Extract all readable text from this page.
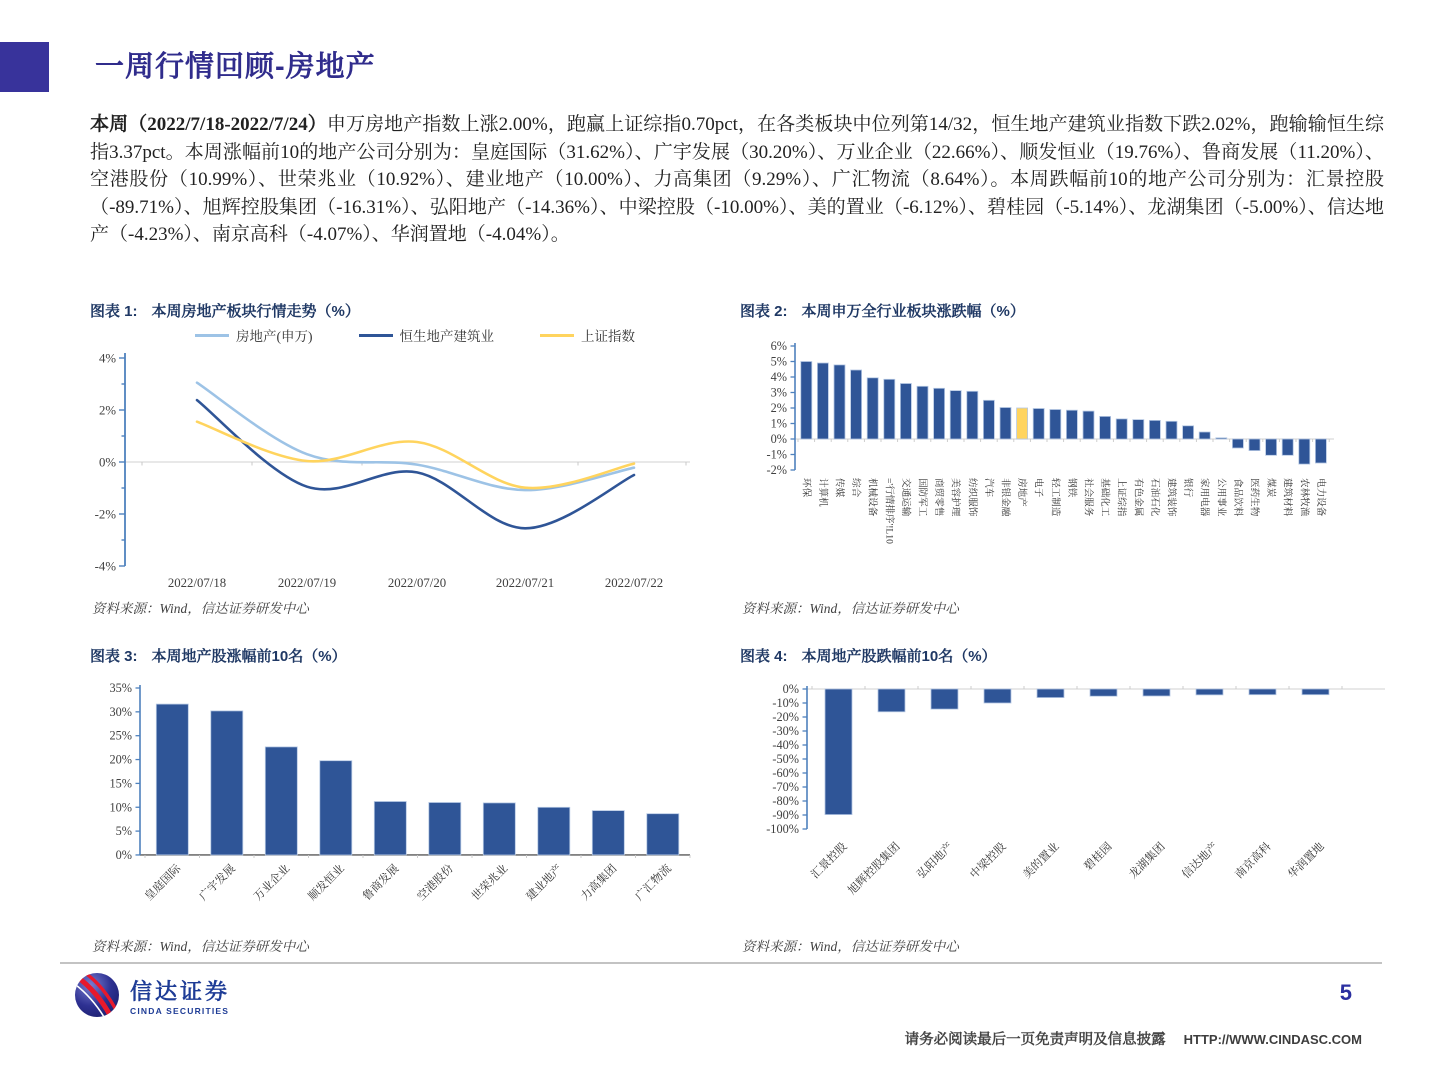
一周行情回顾-房地产

本周（2022/7/18-2022/7/24）申万房地产指数上涨2.00%，跑赢上证综指0.70pct，在各类板块中位列第14/32，恒生地产建筑业指数下跌2.02%，跑输输恒生综指3.37pct。本周涨幅前10的地产公司分别为：皇庭国际（31.62%）、广宇发展（30.20%）、万业企业（22.66%）、顺发恒业（19.76%）、鲁商发展（11.20%）、空港股份（10.99%）、世荣兆业（10.92%）、建业地产（10.00%）、力高集团（9.29%）、广汇物流（8.64%）。本周跌幅前10的地产公司分别为：汇景控股（-89.71%）、旭辉控股集团（-16.31%）、弘阳地产（-14.36%）、中梁控股（-10.00%）、美的置业（-6.12%）、碧桂园（-5.14%）、龙湖集团（-5.00%）、信达地产（-4.23%）、南京高科（-4.07%）、华润置地（-4.04%）。

图表 1: 本周房地产板块行情走势（%）
房地产(申万)	恒生地产建筑业	上证指数
4%
2%
0%
-2%
-4%
2022/07/18	2022/07/19	2022/07/20	2022/07/21	2022/07/22
资料来源：Wind，信达证券研发中心
图表 2: 本周申万全行业板块涨跌幅（%）
-2%
-1%
0%
1%
2%
3%
4%
5%
6%
环保 计算机 传媒 综合 机械设备 ='行情排序'!L10 交通运输 国防军工 商贸零售 美容护理 纺织服饰 汽车 非银金融 房地产 电子 轻工制造 钢铁 社会服务 基础化工 上证综指 有色金属 石油石化 建筑装饰 银行 家用电器 公用事业 食品饮料 医药生物 煤炭 建筑材料 农林牧渔 电力设备
资料来源：Wind，信达证券研发中心
图表 3: 本周地产股涨幅前10名（%）
0%
5%
10%
15%
20%
25%
30%
35%
皇庭国际 广宇发展 万业企业 顺发恒业 鲁商发展 空港股份 世荣兆业 建业地产 力高集团 广汇物流
资料来源：Wind，信达证券研发中心
图表 4: 本周地产股跌幅前10名（%）
-100%
-90%
-80%
-70%
-60%
-50%
-40%
-30%
-20%
-10%
0%
汇景控股
旭辉控股集团 弘阳地产 中梁控股 美的置业 碧桂园 龙湖集团 信达地产 南京高科 华润置地
资料来源：Wind，信达证券研发中心
信达证券
CINDA SECURITIES
5
请务必阅读最后一页免责声明及信息披露 HTTP://WWW.CINDASC.COM
